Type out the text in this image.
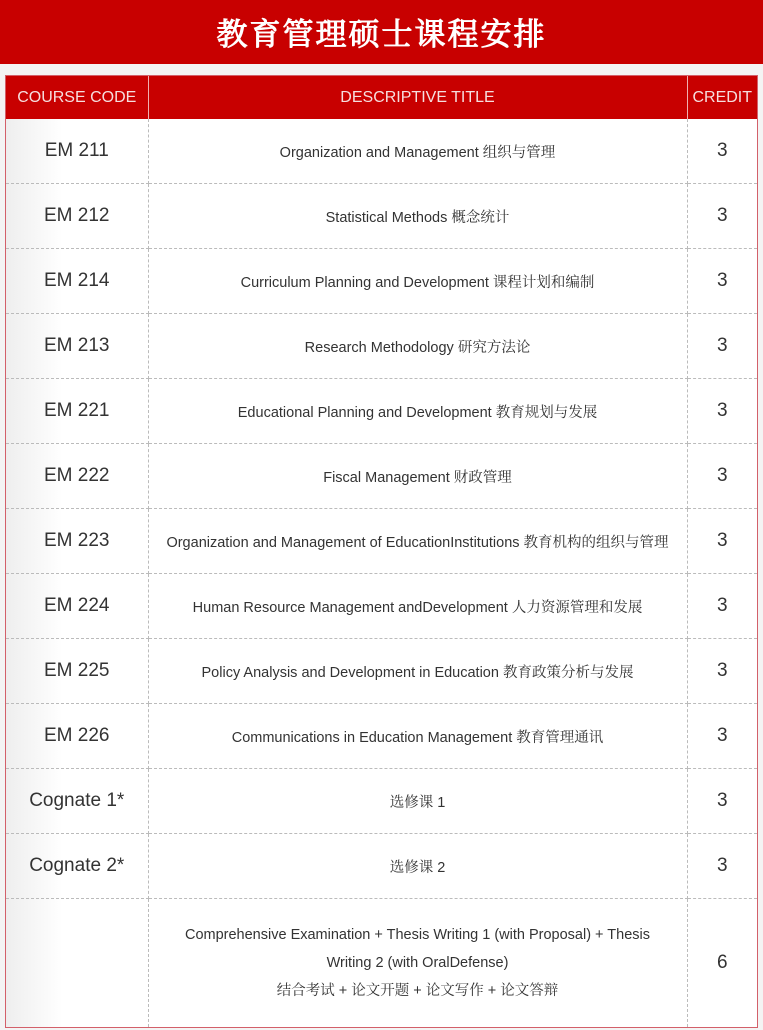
教育管理硕士课程安排
COURSE CODE	DESCRIPTIVE TITLE	CREDIT
EM 211	Organization and Management 组织与管理	3
EM 212	Statistical Methods 概念统计	3
EM 214	Curriculum Planning and Development 课程计划和编制	3
EM 213	Research Methodology 研究方法论	3
EM 221	Educational Planning and Development 教育规划与发展	3
EM 222	Fiscal Management 财政管理	3
EM 223	Organization and Management of EducationInstitutions 教育机构的组织与管理	3
EM 224	Human Resource Management andDevelopment 人力资源管理和发展	3
EM 225	Policy Analysis and Development in Education 教育政策分析与发展	3
EM 226	Communications in Education Management 教育管理通讯	3
Cognate 1*	选修课 1	3
Cognate 2*	选修课 2	3

	Comprehensive Examination + Thesis Writing 1 (with Proposal) + Thesis
Writing 2 (with OralDefense)
结合考试 + 论文开题 + 论文写作 + 论文答辩	6
